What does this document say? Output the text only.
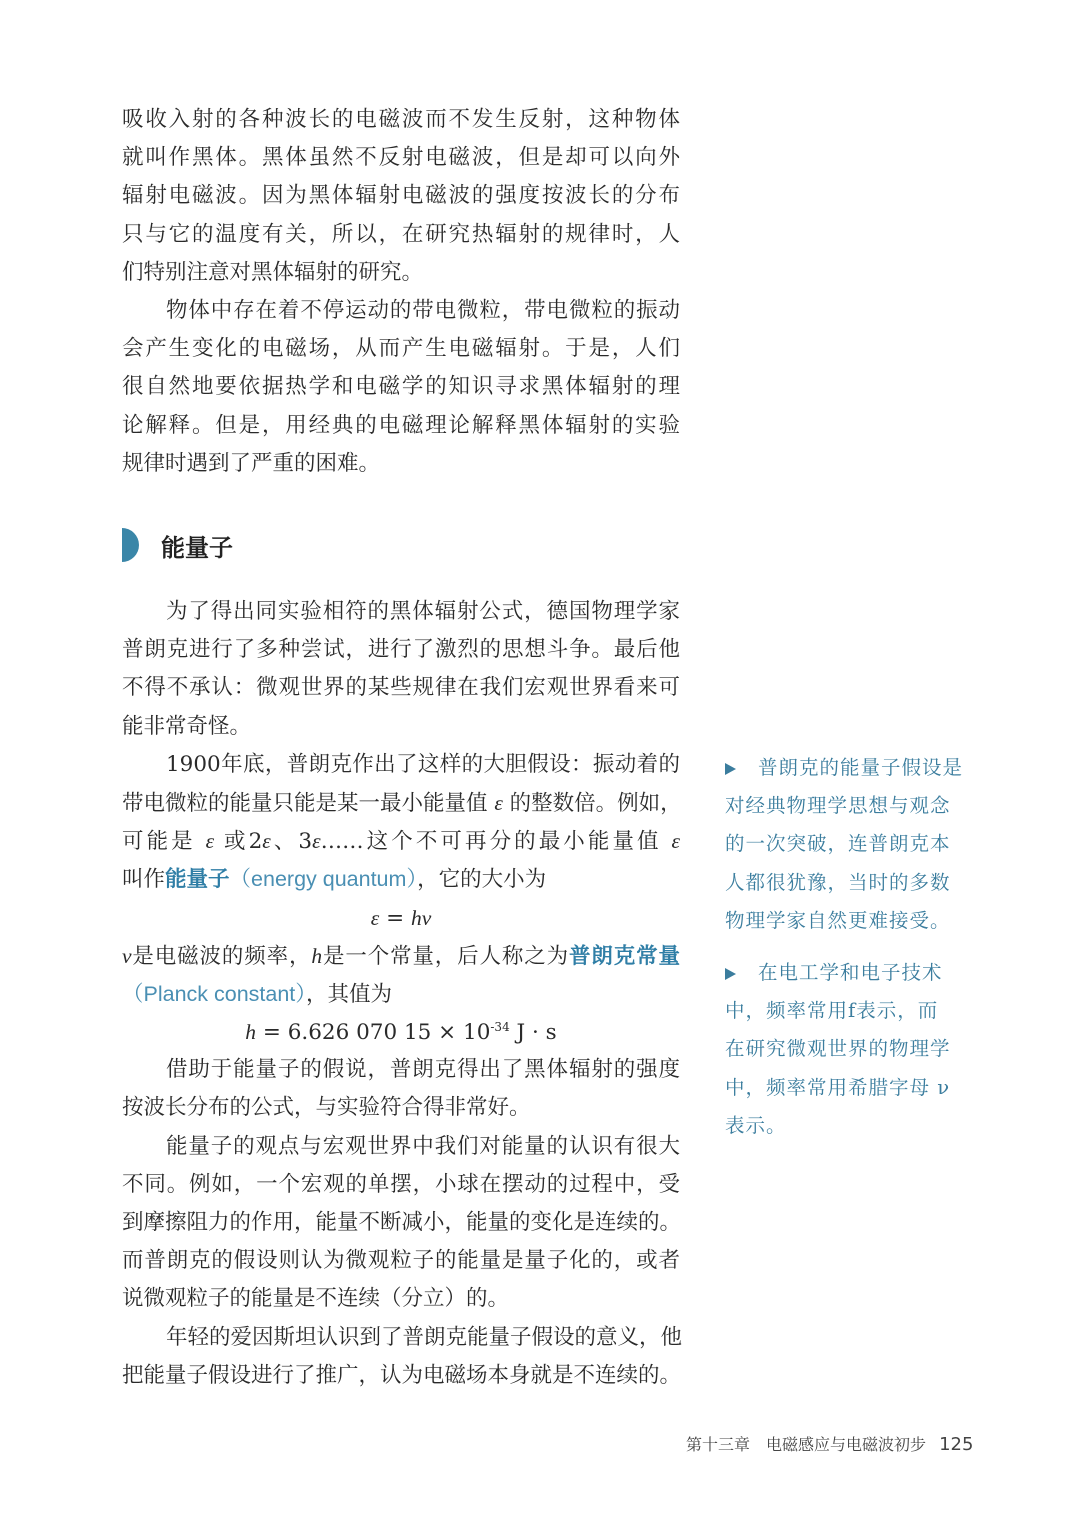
吸收入射的各种波长的电磁波而不发生反射，这种物体
就叫作黑体。黑体虽然不反射电磁波，但是却可以向外
辐射电磁波。因为黑体辐射电磁波的强度按波长的分布
只与它的温度有关，所以，在研究热辐射的规律时，人
们特别注意对黑体辐射的研究。
物体中存在着不停运动的带电微粒，带电微粒的振动
会产生变化的电磁场，从而产生电磁辐射。于是，人们
很自然地要依据热学和电磁学的知识寻求黑体辐射的理
论解释。但是，用经典的电磁理论解释黑体辐射的实验
规律时遇到了严重的困难。
能量子
为了得出同实验相符的黑体辐射公式，德国物理学家
普朗克进行了多种尝试，进行了激烈的思想斗争。最后他
不得不承认：微观世界的某些规律在我们宏观世界看来可
能非常奇怪。
1900年底，普朗克作出了这样的大胆假设：振动着的
带电微粒的能量只能是某一最小能量值 ε 的整数倍。例如，
可能是 ε 或2ε、3ε……这个不可再分的最小能量值 ε
叫作能量子（energy quantum），它的大小为
ε = hν
ν是电磁波的频率，h是一个常量，后人称之为普朗克常量
（Planck constant），其值为
h = 6.626 070 $15 \times 10^{-34}$ J · s
借助于能量子的假说，普朗克得出了黑体辐射的强度
按波长分布的公式，与实验符合得非常好。
能量子的观点与宏观世界中我们对能量的认识有很大
不同。例如，一个宏观的单摆，小球在摆动的过程中，受
到摩擦阻力的作用，能量不断减小，能量的变化是连续的。
而普朗克的假设则认为微观粒子的能量是量子化的，或者
说微观粒子的能量是不连续（分立）的。
年轻的爱因斯坦认识到了普朗克能量子假设的意义，他
把能量子假设进行了推广，认为电磁场本身就是不连续的。
普朗克的能量子假设是
对经典物理学思想与观念
的一次突破，连普朗克本
人都很犹豫，当时的多数
物理学家自然更难接受。
在电工学和电子技术
中，频率常用f表示，而
在研究微观世界的物理学
中，频率常用希腊字母 ν
表示。
第十三章　电磁感应与电磁波初步 125
